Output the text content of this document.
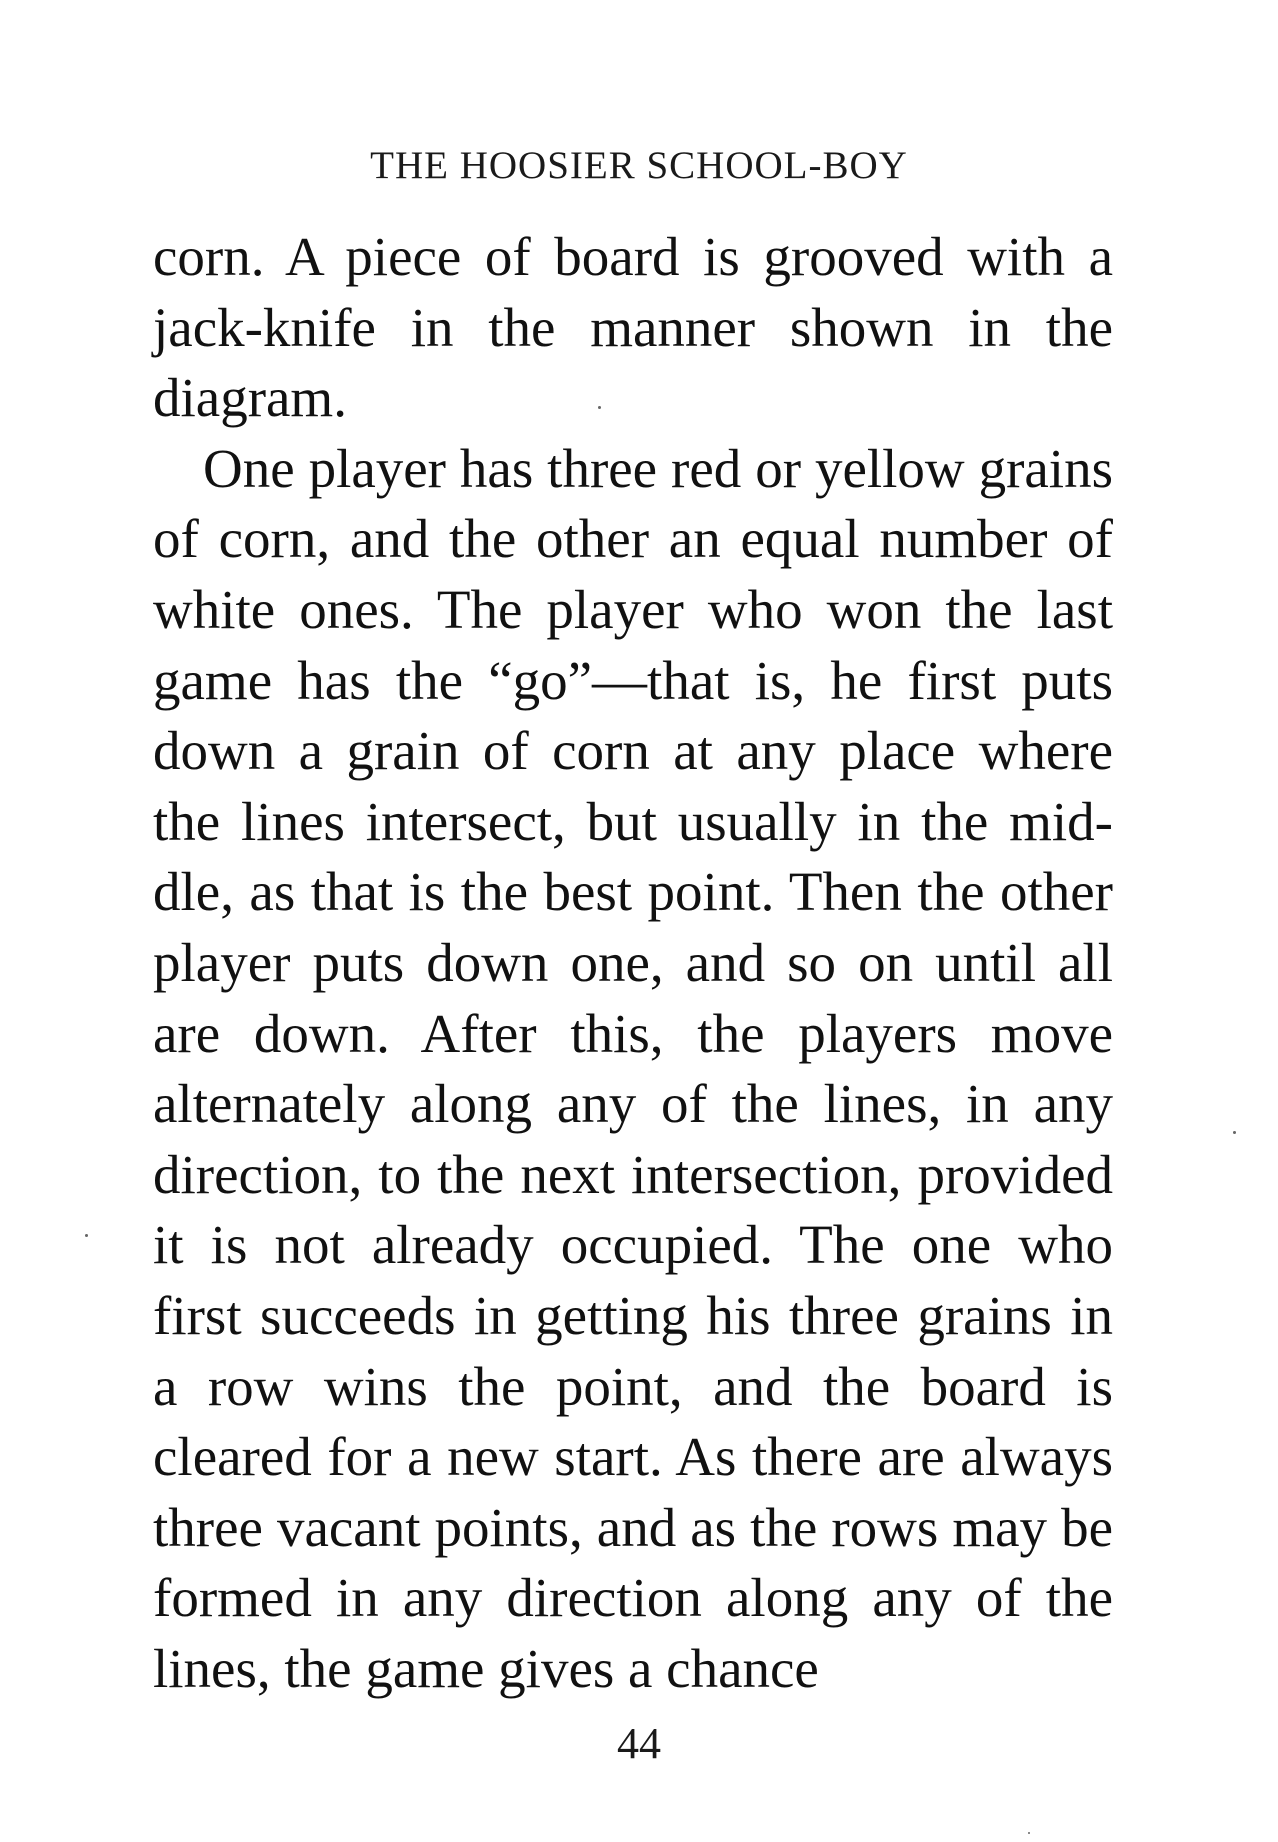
THE HOOSIER SCHOOL-BOY

corn. A piece of board is grooved with a jack-knife in the manner shown in the diagram.

One player has three red or yellow grains of corn, and the other an equal number of white ones. The player who won the last game has the “go”—that is, he first puts down a grain of corn at any place where the lines intersect, but usually in the middle, as that is the best point. Then the other player puts down one, and so on until all are down. After this, the players move alternately along any of the lines, in any direction, to the next intersection, provided it is not already occupied. The one who first succeeds in getting his three grains in a row wins the point, and the board is cleared for a new start. As there are always three vacant points, and as the rows may be formed in any direction along any of the lines, the game gives a chance

44
